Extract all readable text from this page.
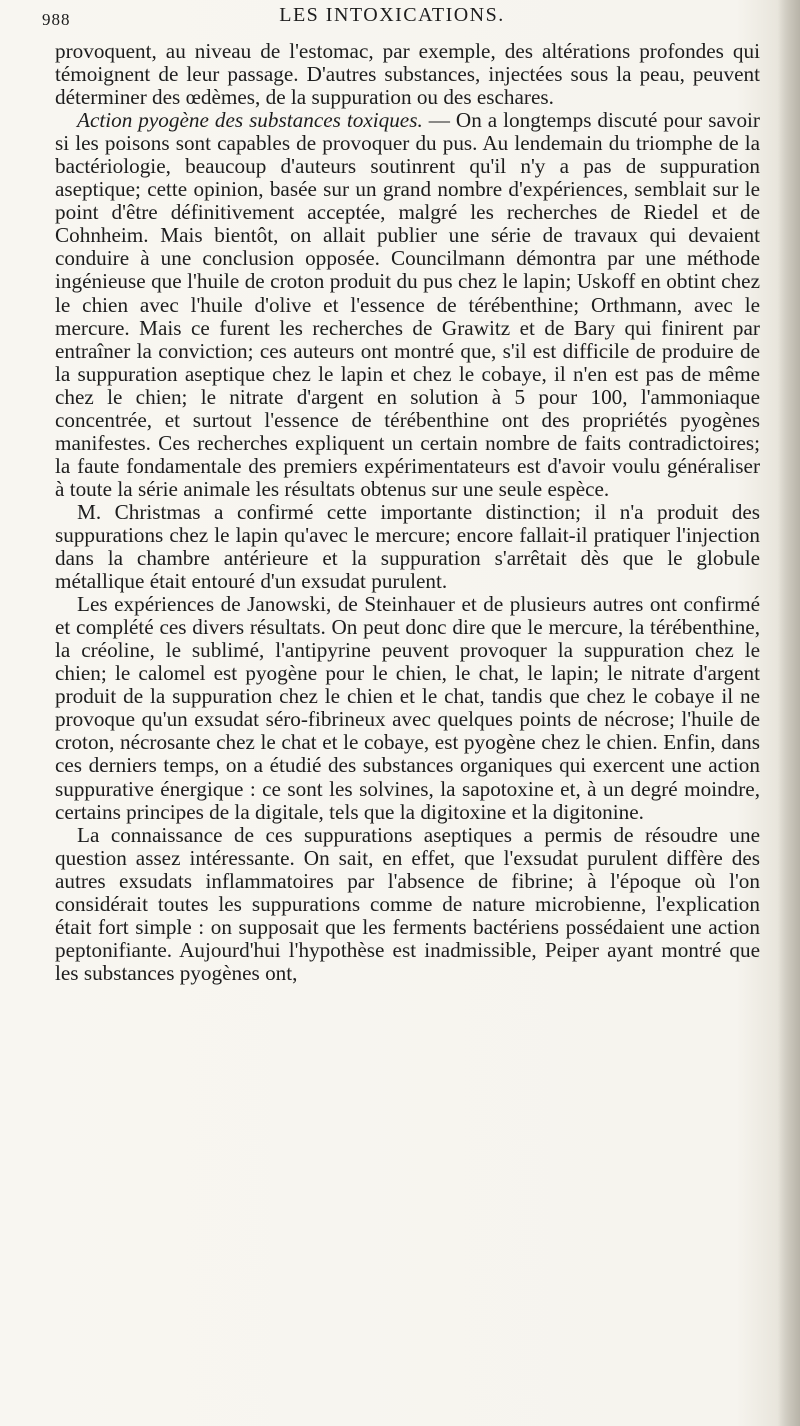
988	LES INTOXICATIONS.

provoquent, au niveau de l'estomac, par exemple, des altérations profondes qui témoignent de leur passage. D'autres substances, injectées sous la peau, peuvent déterminer des œdèmes, de la suppuration ou des eschares.

Action pyogène des substances toxiques. — On a longtemps discuté pour savoir si les poisons sont capables de provoquer du pus. Au lendemain du triomphe de la bactériologie, beaucoup d'auteurs soutinrent qu'il n'y a pas de suppuration aseptique; cette opinion, basée sur un grand nombre d'expériences, semblait sur le point d'être définitivement acceptée, malgré les recherches de Riedel et de Cohnheim. Mais bientôt, on allait publier une série de travaux qui devaient conduire à une conclusion opposée. Councilmann démontra par une méthode ingénieuse que l'huile de croton produit du pus chez le lapin; Uskoff en obtint chez le chien avec l'huile d'olive et l'essence de térébenthine; Orthmann, avec le mercure. Mais ce furent les recherches de Grawitz et de Bary qui finirent par entraîner la conviction; ces auteurs ont montré que, s'il est difficile de produire de la suppuration aseptique chez le lapin et chez le cobaye, il n'en est pas de même chez le chien; le nitrate d'argent en solution à 5 pour 100, l'ammoniaque concentrée, et surtout l'essence de térébenthine ont des propriétés pyogènes manifestes. Ces recherches expliquent un certain nombre de faits contradictoires; la faute fondamentale des premiers expérimentateurs est d'avoir voulu généraliser à toute la série animale les résultats obtenus sur une seule espèce.

M. Christmas a confirmé cette importante distinction; il n'a produit des suppurations chez le lapin qu'avec le mercure; encore fallait-il pratiquer l'injection dans la chambre antérieure et la suppuration s'arrêtait dès que le globule métallique était entouré d'un exsudat purulent.

Les expériences de Janowski, de Steinhauer et de plusieurs autres ont confirmé et complété ces divers résultats. On peut donc dire que le mercure, la térébenthine, la créoline, le sublimé, l'antipyrine peuvent provoquer la suppuration chez le chien; le calomel est pyogène pour le chien, le chat, le lapin; le nitrate d'argent produit de la suppuration chez le chien et le chat, tandis que chez le cobaye il ne provoque qu'un exsudat séro-fibrineux avec quelques points de nécrose; l'huile de croton, nécrosante chez le chat et le cobaye, est pyogène chez le chien. Enfin, dans ces derniers temps, on a étudié des substances organiques qui exercent une action suppurative énergique : ce sont les solvines, la sapotoxine et, à un degré moindre, certains principes de la digitale, tels que la digitoxine et la digitonine.

La connaissance de ces suppurations aseptiques a permis de résoudre une question assez intéressante. On sait, en effet, que l'exsudat purulent diffère des autres exsudats inflammatoires par l'absence de fibrine; à l'époque où l'on considérait toutes les suppurations comme de nature microbienne, l'explication était fort simple : on supposait que les ferments bactériens possédaient une action peptonifiante. Aujourd'hui l'hypothèse est inadmissible, Peiper ayant montré que les substances pyogènes ont,
